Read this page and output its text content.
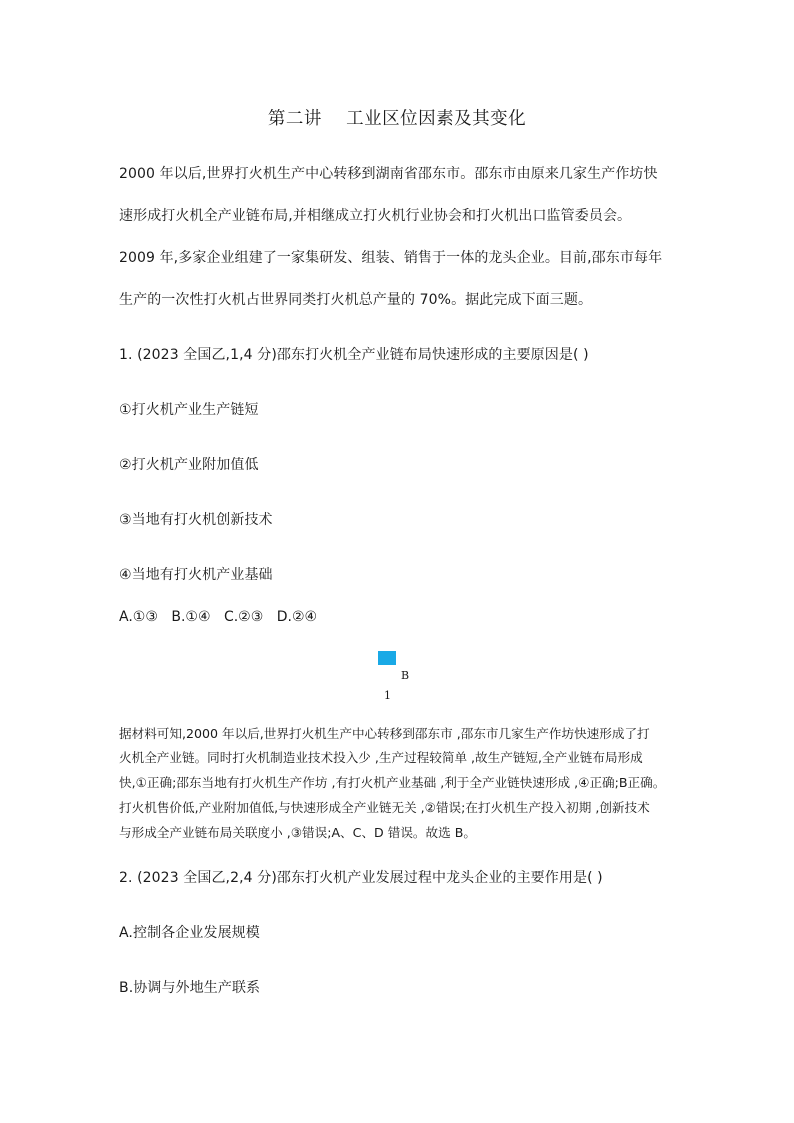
第二讲    工业区位因素及其变化
2000 年以后,世界打火机生产中心转移到湖南省邵东市。邵东市由原来几家生产作坊快
速形成打火机全产业链布局,并相继成立打火机行业协会和打火机出口监管委员会。
2009 年,多家企业组建了一家集研发、组装、销售于一体的龙头企业。目前,邵东市每年
生产的一次性打火机占世界同类打火机总产量的 70%。据此完成下面三题。
1. (2023 全国乙,1,4 分)邵东打火机全产业链布局快速形成的主要原因是( )
①打火机产业生产链短
②打火机产业附加值低
③当地有打火机创新技术
④当地有打火机产业基础
A.①③ B.①④ C.②③ D.②④
B
1
据材料可知,2000 年以后,世界打火机生产中心转移到邵东市 ,邵东市几家生产作坊快速形成了打
火机全产业链。同时打火机制造业技术投入少 ,生产过程较简单 ,故生产链短,全产业链布局形成
快,①正确;邵东当地有打火机生产作坊 ,有打火机产业基础 ,利于全产业链快速形成 ,④正确;B正确。
打火机售价低,产业附加值低,与快速形成全产业链无关 ,②错误;在打火机生产投入初期 ,创新技术
与形成全产业链布局关联度小 ,③错误;A、C、D 错误。故选 B。
2. (2023 全国乙,2,4 分)邵东打火机产业发展过程中龙头企业的主要作用是( )
A.控制各企业发展规模
B.协调与外地生产联系
